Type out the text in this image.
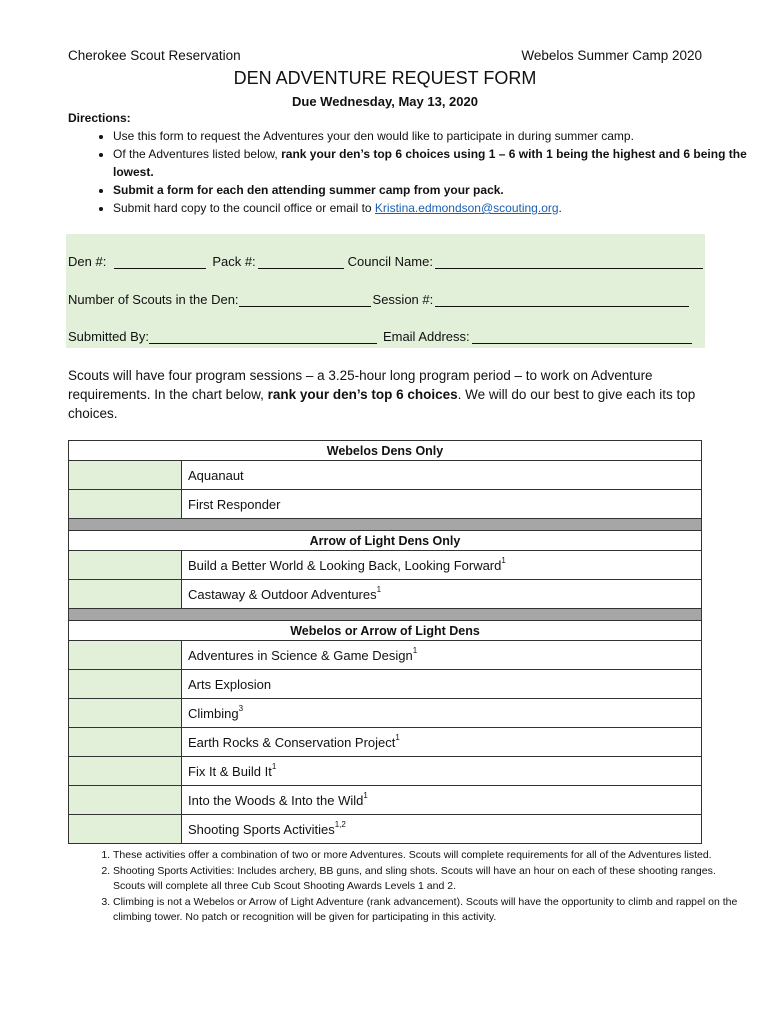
Cherokee Scout Reservation	Webelos Summer Camp 2020
DEN ADVENTURE REQUEST FORM
Due Wednesday, May 13, 2020
Directions:
• Use this form to request the Adventures your den would like to participate in during summer camp.
• Of the Adventures listed below, rank your den’s top 6 choices using 1 – 6 with 1 being the highest and 6 being the lowest.
• Submit a form for each den attending summer camp from your pack.
• Submit hard copy to the council office or email to Kristina.edmondson@scouting.org.
Den #:	Pack #:	Council Name:
Number of Scouts in the Den:	Session #:
Submitted By:	Email Address:
Scouts will have four program sessions – a 3.25-hour long program period – to work on Adventure requirements. In the chart below, rank your den’s top 6 choices. We will do our best to give each its top choices.
Webelos Dens Only	
	Aquanaut
	First Responder

Arrow of Light Dens Only	
	Build a Better World & Looking Back, Looking Forward$^1$
	Castaway & Outdoor Adventures$^1$

Webelos or Arrow of Light Dens	
	Adventures in Science & Game Design$^1$
	Arts Explosion
	Climbing$^3$
	Earth Rocks & Conservation Project$^1$
	Fix It & Build It$^1$
	Into the Woods & Into the Wild$^1$
	Shooting Sports Activities$^{1,2}$
1. These activities offer a combination of two or more Adventures. Scouts will complete requirements for all of the Adventures listed.
2. Shooting Sports Activities: Includes archery, BB guns, and sling shots. Scouts will have an hour on each of these shooting ranges. Scouts will complete all three Cub Scout Shooting Awards Levels 1 and 2.
3. Climbing is not a Webelos or Arrow of Light Adventure (rank advancement). Scouts will have the opportunity to climb and rappel on the climbing tower. No patch or recognition will be given for participating in this activity.
